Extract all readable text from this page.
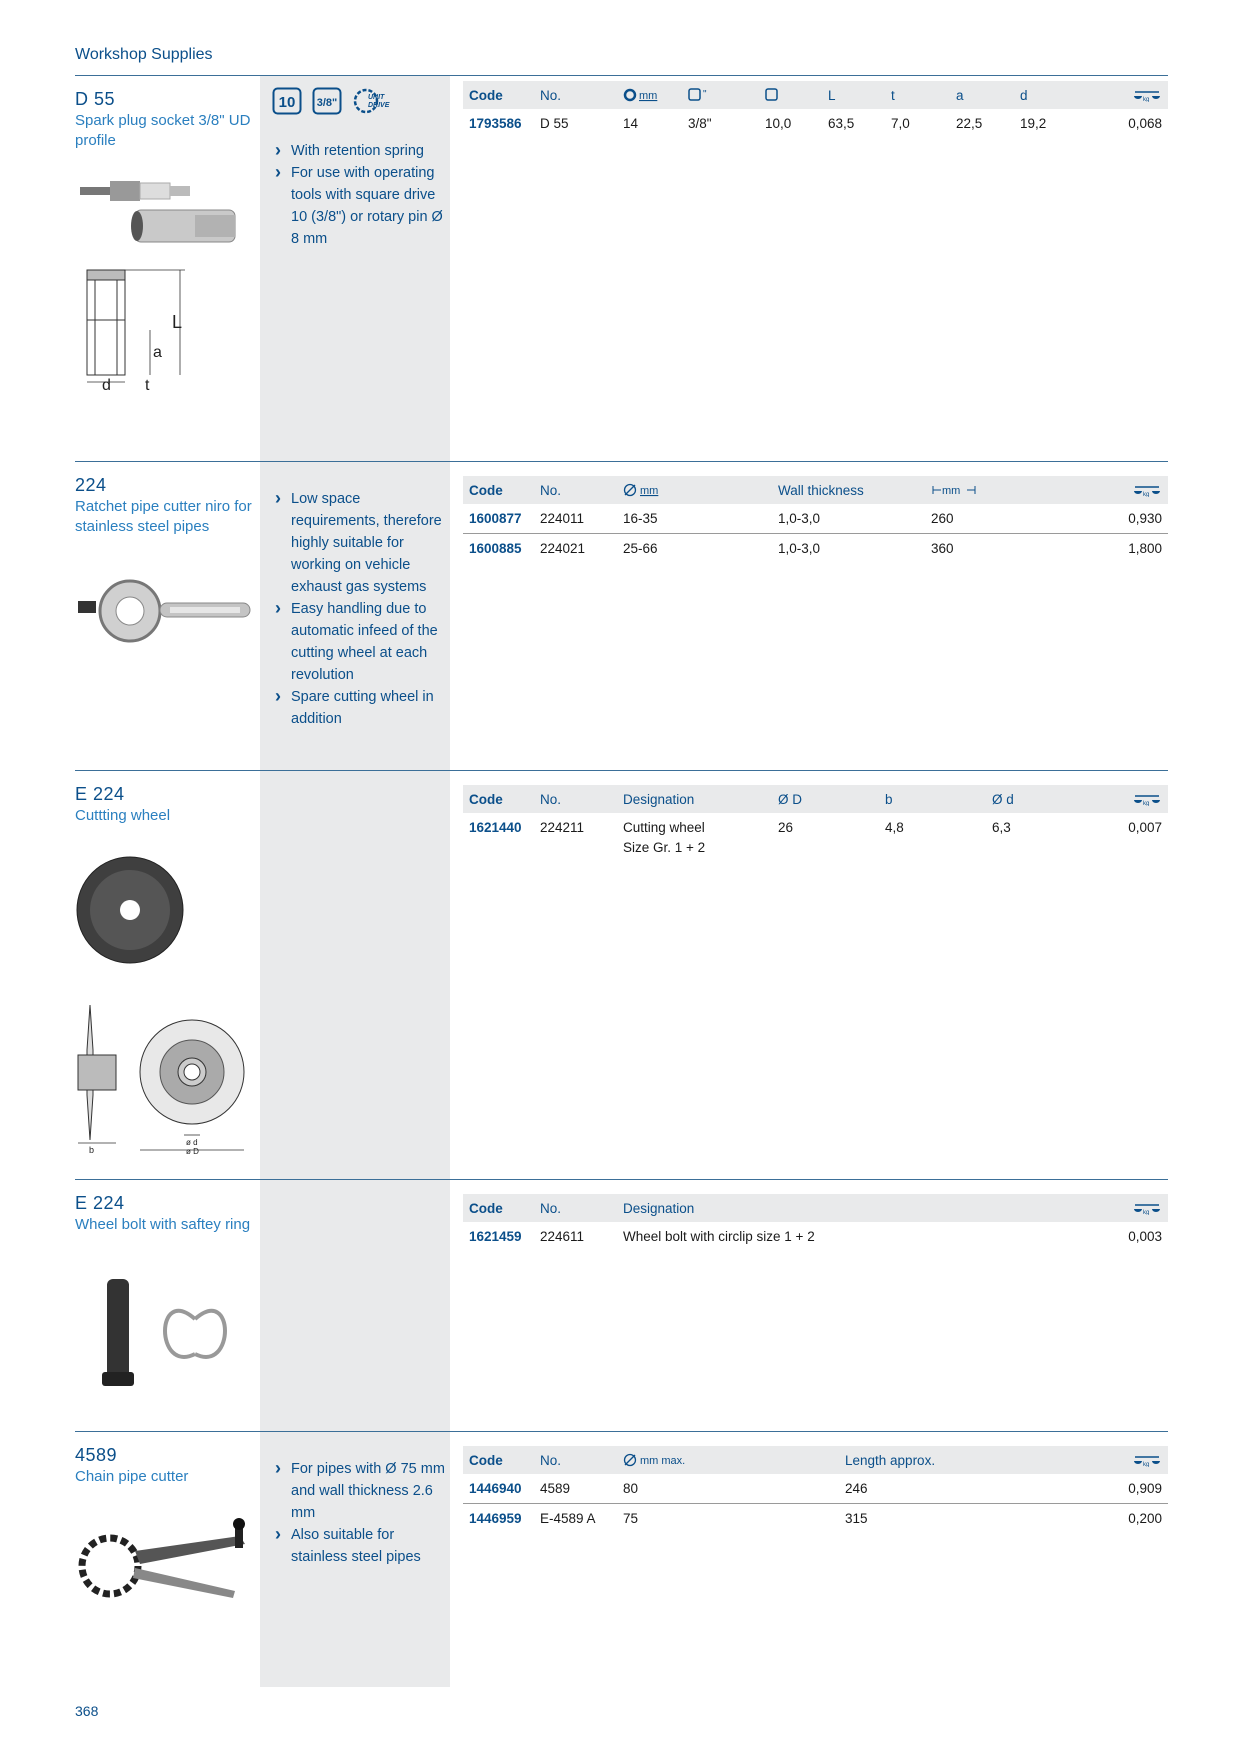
Workshop Supplies
D 55
Spark plug socket 3/8" UD profile
10 3/8"	UNIT
DRIVE
› With retention spring
› For use with operating tools with square drive 10 (3/8") or rotary pin Ø 8 mm
L
a
d t
Code	No.	mm	"	L	t	a	d	kg
1793586 D 55	14	3/8"	10,0	63,5	7,0	22,5	19,2	0,068
224
Ratchet pipe cutter niro for stainless steel pipes
› Low space requirements, therefore highly suitable for working on vehicle exhaust gas systems
› Easy handling due to automatic infeed of the cutting wheel at each revolution
› Spare cutting wheel in addition
Code	No.	mm	Wall thickness	mm	kg
1600877 224011	16-35	1,0-3,0	260	0,930
1600885 224021	25-66	1,0-3,0	360	1,800
E 224
Cuttting wheel
b
ø d
ø D
Code	No.	Designation	Ø D	b	Ø d	kg
1621440 224211	Cutting wheel
Size Gr. 1 + 2
26	4,8	6,3	0,007
E 224
Wheel bolt with saftey ring
Code	No.	Designation	kg
1621459 224611	Wheel bolt with circlip size 1 + 2	0,003
4589
Chain pipe cutter
›	For pipes with Ø 75 mm and wall thickness 2.6 mm
› Also suitable for stainless steel pipes
Code	No.	mm max.	Length approx.	kg
1446940 4589	80	246	0,909
1446959 E-4589 A 75	315	0,200
368
